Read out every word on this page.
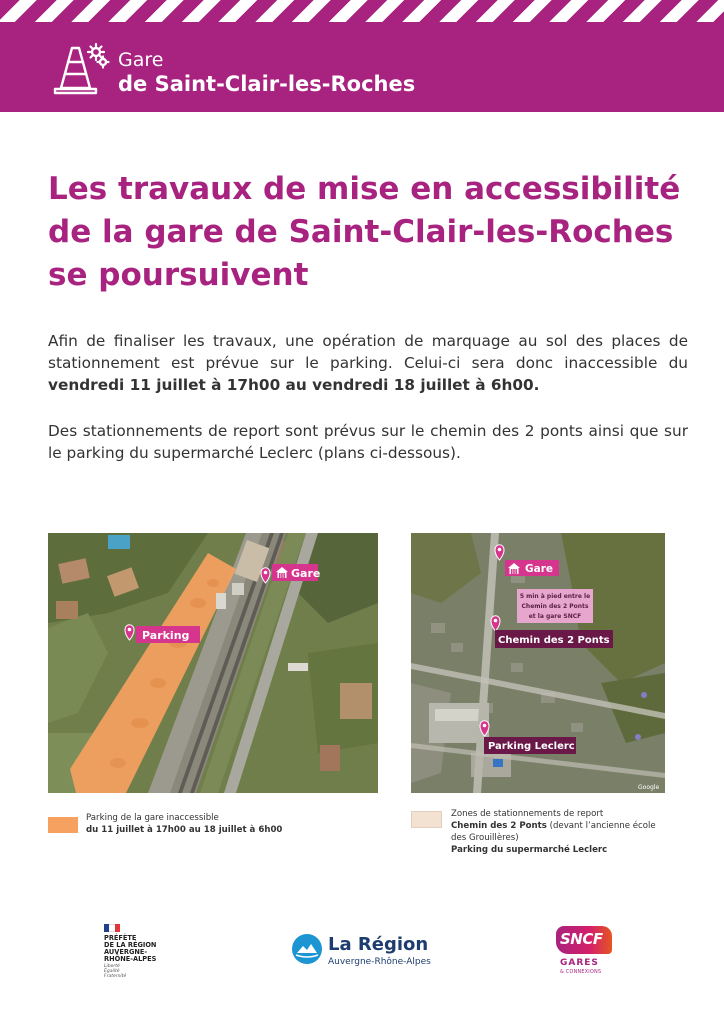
Gare
de Saint-Clair-les-Roches
Les travaux de mise en accessibilité
de la gare de Saint-Clair-les-Roches
se poursuivent

Afin de finaliser les travaux, une opération de marquage au sol des places de stationnement est prévue sur le parking. Celui-ci sera donc inaccessible du vendredi 11 juillet à 17h00 au vendredi 18 juillet à 6h00.

Des stationnements de report sont prévus sur le chemin des 2 ponts ainsi que sur le parking du supermarché Leclerc (plans ci-dessous).

Gare
Parking
Gare
5 min à pied entre le
Chemin des 2 Ponts
et la gare SNCF
Chemin des 2 Ponts
Parking Leclerc
Google
Parking de la gare inaccessible
du 11 juillet à 17h00 au 18 juillet à 6h00
Zones de stationnements de report
Chemin des 2 Ponts (devant l’ancienne école
des Grouillères)
Parking du supermarché Leclerc
PRÉFÈTE
DE LA RÉGION
AUVERGNE-
RHÔNE-ALPES
Liberté
Égalité
Fraternité
La Région
Auvergne-Rhône-Alpes
SNCF
GARES
& CONNEXIONS
